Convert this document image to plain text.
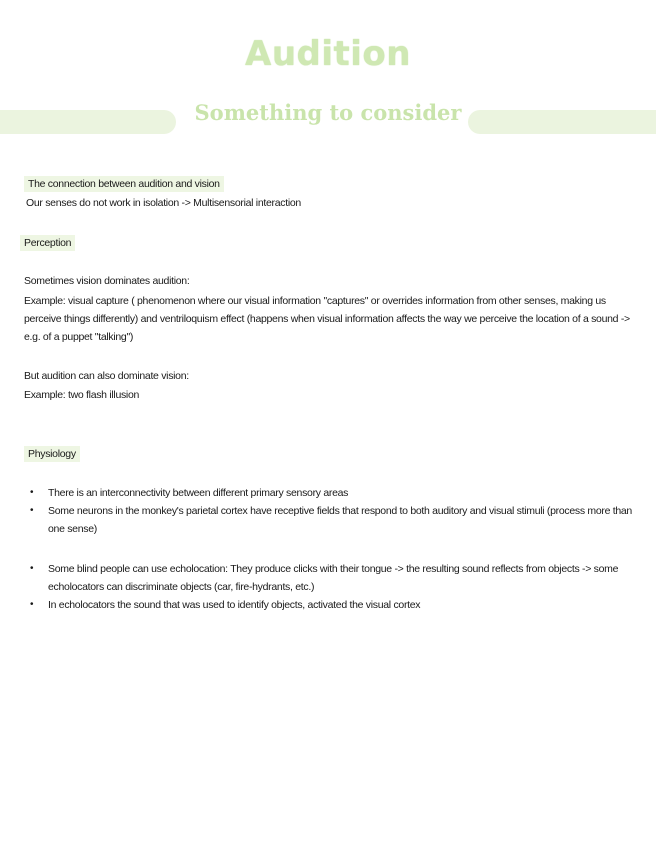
Audition
Something to consider
The connection between audition and vision
Our senses do not work in isolation -> Multisensorial interaction
Perception
Sometimes vision dominates audition:
Example: visual capture ( phenomenon where our visual information "captures" or overrides information from other senses, making us perceive things differently) and ventriloquism effect (happens when visual information affects the way we perceive the location of a sound -> e.g. of a puppet "talking")
But audition can also dominate vision:
Example: two flash illusion
Physiology
• There is an interconnectivity between different primary sensory areas
• Some neurons in the monkey's parietal cortex have receptive fields that respond to both auditory and visual stimuli (process more than one sense)
• Some blind people can use echolocation: They produce clicks with their tongue -> the resulting sound reflects from objects -> some echolocators can discriminate objects (car, fire-hydrants, etc.)
• In echolocators the sound that was used to identify objects, activated the visual cortex
